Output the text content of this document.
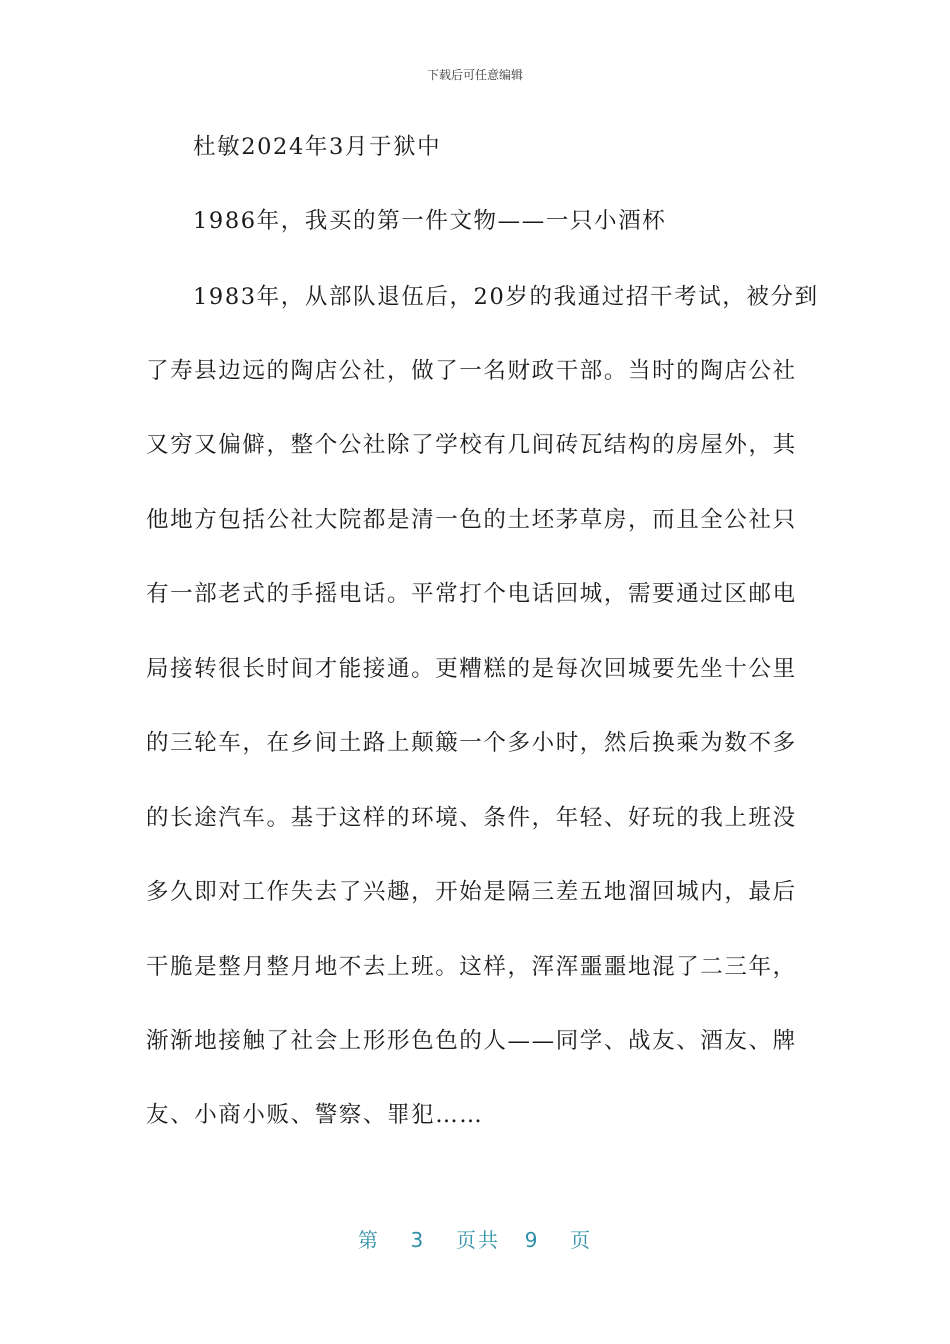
下载后可任意编辑
杜敏2024年3月于狱中
1986年，我买的第一件文物——一只小酒杯
1983年，从部队退伍后，20岁的我通过招干考试，被分到
了寿县边远的陶店公社，做了一名财政干部。当时的陶店公社
又穷又偏僻，整个公社除了学校有几间砖瓦结构的房屋外，其
他地方包括公社大院都是清一色的土坯茅草房，而且全公社只
有一部老式的手摇电话。平常打个电话回城，需要通过区邮电
局接转很长时间才能接通。更糟糕的是每次回城要先坐十公里
的三轮车，在乡间土路上颠簸一个多小时，然后换乘为数不多
的长途汽车。基于这样的环境、条件，年轻、好玩的我上班没
多久即对工作失去了兴趣，开始是隔三差五地溜回城内，最后
干脆是整月整月地不去上班。这样，浑浑噩噩地混了二三年，
渐渐地接触了社会上形形色色的人——同学、战友、酒友、牌
友、小商小贩、警察、罪犯……
第 3 页共 9 页
